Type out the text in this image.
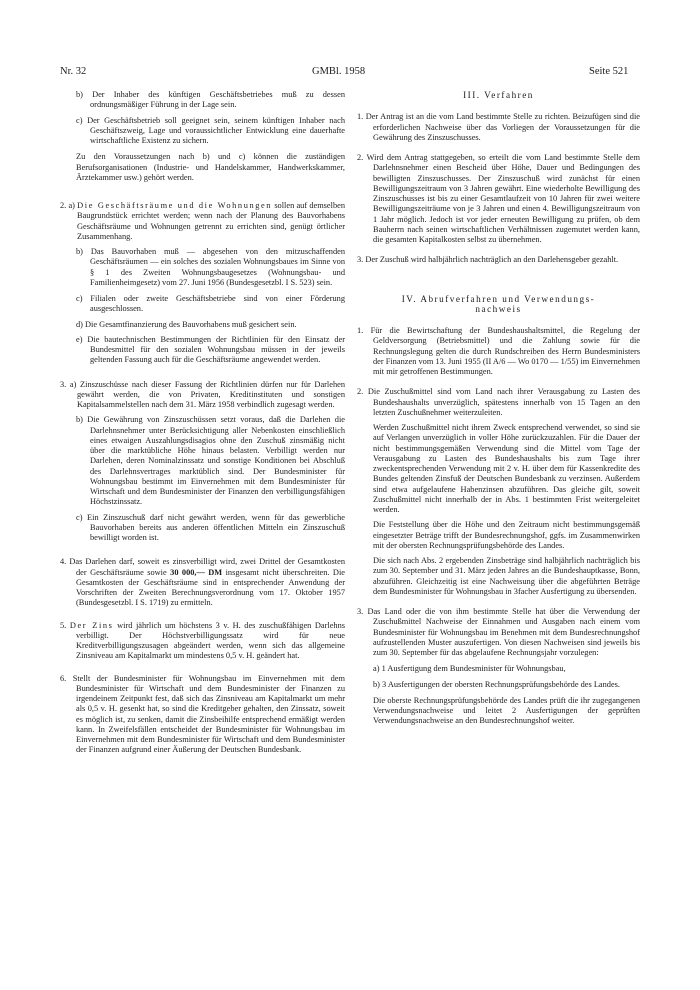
Nr. 32	GMBl. 1958	Seite 521

b) Der Inhaber des künftigen Geschäftsbetriebes muß zu dessen ordnungsmäßiger Führung in der Lage sein.

c) Der Geschäftsbetrieb soll geeignet sein, seinem künftigen Inhaber nach Geschäftszweig, Lage und voraussichtlicher Entwicklung eine dauerhafte wirtschaftliche Existenz zu sichern.

Zu den Voraussetzungen nach b) und c) können die zuständigen Berufsorganisationen (Industrie- und Handelskammer, Handwerkskammer, Ärztekammer usw.) gehört werden.

2. a) Die Geschäftsräume und die Wohnungen sollen auf demselben Baugrundstück errichtet werden; wenn nach der Planung des Bauvorhabens Geschäftsräume und Wohnungen getrennt zu errichten sind, genügt örtlicher Zusammenhang.

b) Das Bauvorhaben muß — abgesehen von den mitzuschaffenden Geschäftsräumen — ein solches des sozialen Wohnungsbaues im Sinne von § 1 des Zweiten Wohnungsbaugesetzes (Wohnungsbau- und Familienheimgesetz) vom 27. Juni 1956 (Bundesgesetzbl. I S. 523) sein.

c) Filialen oder zweite Geschäftsbetriebe sind von einer Förderung ausgeschlossen.

d) Die Gesamtfinanzierung des Bauvorhabens muß gesichert sein.

e) Die bautechnischen Bestimmungen der Richtlinien für den Einsatz der Bundesmittel für den sozialen Wohnungsbau müssen in der jeweils geltenden Fassung auch für die Geschäftsräume angewendet werden.

3. a) Zinszuschüsse nach dieser Fassung der Richtlinien dürfen nur für Darlehen gewährt werden, die von Privaten, Kreditinstituten und sonstigen Kapitalsammelstellen nach dem 31. März 1958 verbindlich zugesagt werden.

b) Die Gewährung von Zinszuschüssen setzt voraus, daß die Darlehen die Darlehnsnehmer unter Berücksichtigung aller Nebenkosten einschließlich eines etwaigen Auszahlungsdisagios ohne den Zuschuß zinsmäßig nicht über die marktübliche Höhe hinaus belasten. Verbilligt werden nur Darlehen, deren Nominalzinssatz und sonstige Konditionen bei Abschluß des Darlehnsvertrages marktüblich sind. Der Bundesminister für Wohnungsbau bestimmt im Einvernehmen mit dem Bundesminister für Wirtschaft und dem Bundesminister der Finanzen den verbilligungsfähigen Höchstzinssatz.

c) Ein Zinszuschuß darf nicht gewährt werden, wenn für das gewerbliche Bauvorhaben bereits aus anderen öffentlichen Mitteln ein Zinszuschuß bewilligt worden ist.

4. Das Darlehen darf, soweit es zinsverbilligt wird, zwei Drittel der Gesamtkosten der Geschäftsräume sowie 30 000,— DM insgesamt nicht überschreiten. Die Gesamtkosten der Geschäftsräume sind in entsprechender Anwendung der Vorschriften der Zweiten Berechnungsverordnung vom 17. Oktober 1957 (Bundesgesetzbl. I S. 1719) zu ermitteln.

5. Der Zins wird jährlich um höchstens 3 v. H. des zuschußfähigen Darlehns verbilligt. Der Höchstverbilligungssatz wird für neue Kreditverbilligungszusagen abgeändert werden, wenn sich das allgemeine Zinsniveau am Kapitalmarkt um mindestens 0,5 v. H. geändert hat.

6. Stellt der Bundesminister für Wohnungsbau im Einvernehmen mit dem Bundesminister für Wirtschaft und dem Bundesminister der Finanzen zu irgendeinem Zeitpunkt fest, daß sich das Zinsniveau am Kapitalmarkt um mehr als 0,5 v. H. gesenkt hat, so sind die Kreditgeber gehalten, den Zinssatz, soweit es möglich ist, zu senken, damit die Zinsbeihilfe entsprechend ermäßigt werden kann. In Zweifelsfällen entscheidet der Bundesminister für Wohnungsbau im Einvernehmen mit dem Bundesminister für Wirtschaft und dem Bundesminister der Finanzen aufgrund einer Äußerung der Deutschen Bundesbank.

III. Verfahren

1. Der Antrag ist an die vom Land bestimmte Stelle zu richten. Beizufügen sind die erforderlichen Nachweise über das Vorliegen der Voraussetzungen für die Gewährung des Zinszuschusses.

2. Wird dem Antrag stattgegeben, so erteilt die vom Land bestimmte Stelle dem Darlehnsnehmer einen Bescheid über Höhe, Dauer und Bedingungen des bewilligten Zinszuschusses. Der Zinszuschuß wird zunächst für einen Bewilligungszeitraum von 3 Jahren gewährt. Eine wiederholte Bewilligung des Zinszuschusses ist bis zu einer Gesamtlaufzeit von 10 Jahren für zwei weitere Bewilligungszeiträume von je 3 Jahren und einen 4. Bewilligungszeitraum von 1 Jahr möglich. Jedoch ist vor jeder erneuten Bewilligung zu prüfen, ob dem Bauherrn nach seinen wirtschaftlichen Verhältnissen zugemutet werden kann, die gesamten Kapitalkosten selbst zu übernehmen.

3. Der Zuschuß wird halbjährlich nachträglich an den Darlehensgeber gezahlt.

IV. Abrufverfahren und Verwendungs-

nachweis

1. Für die Bewirtschaftung der Bundeshaushaltsmittel, die Regelung der Geldversorgung (Betriebsmittel) und die Zahlung sowie für die Rechnungslegung gelten die durch Rundschreiben des Herrn Bundesministers der Finanzen vom 13. Juni 1955 (II A/6 — Wo 0170 — 1/55) im Einvernehmen mit mir getroffenen Bestimmungen.

2. Die Zuschußmittel sind vom Land nach ihrer Verausgabung zu Lasten des Bundeshaushalts unverzüglich, spätestens innerhalb von 15 Tagen an den letzten Zuschußnehmer weiterzuleiten.

Werden Zuschußmittel nicht ihrem Zweck entsprechend verwendet, so sind sie auf Verlangen unverzüglich in voller Höhe zurückzuzahlen. Für die Dauer der nicht bestimmungsgemäßen Verwendung sind die Mittel vom Tage der Verausgabung zu Lasten des Bundeshaushalts bis zum Tage ihrer zweckentsprechenden Verwendung mit 2 v. H. über dem für Kassenkredite des Bundes geltenden Zinsfuß der Deutschen Bundesbank zu verzinsen. Außerdem sind etwa aufgelaufene Habenzinsen abzuführen. Das gleiche gilt, soweit Zuschußmittel nicht innerhalb der in Abs. 1 bestimmten Frist weitergeleitet werden.

Die Feststellung über die Höhe und den Zeitraum nicht bestimmungsgemäß eingesetzter Beträge trifft der Bundesrechnungshof, ggfs. im Zusammenwirken mit der obersten Rechnungsprüfungsbehörde des Landes.

Die sich nach Abs. 2 ergebenden Zinsbeträge sind halbjährlich nachträglich bis zum 30. September und 31. März jeden Jahres an die Bundeshauptkasse, Bonn, abzuführen. Gleichzeitig ist eine Nachweisung über die abgeführten Beträge dem Bundesminister für Wohnungsbau in 3facher Ausfertigung zu übersenden.

3. Das Land oder die von ihm bestimmte Stelle hat über die Verwendung der Zuschußmittel Nachweise der Einnahmen und Ausgaben nach einem vom Bundesminister für Wohnungsbau im Benehmen mit dem Bundesrechnungshof aufzustellenden Muster auszufertigen. Von diesen Nachweisen sind jeweils bis zum 30. September für das abgelaufene Rechnungsjahr vorzulegen:

a) 1 Ausfertigung dem Bundesminister für Wohnungsbau,

b) 3 Ausfertigungen der obersten Rechnungsprüfungsbehörde des Landes.

Die oberste Rechnungsprüfungsbehörde des Landes prüft die ihr zugegangenen Verwendungsnachweise und leitet 2 Ausfertigungen der geprüften Verwendungsnachweise an den Bundesrechnungshof weiter.
